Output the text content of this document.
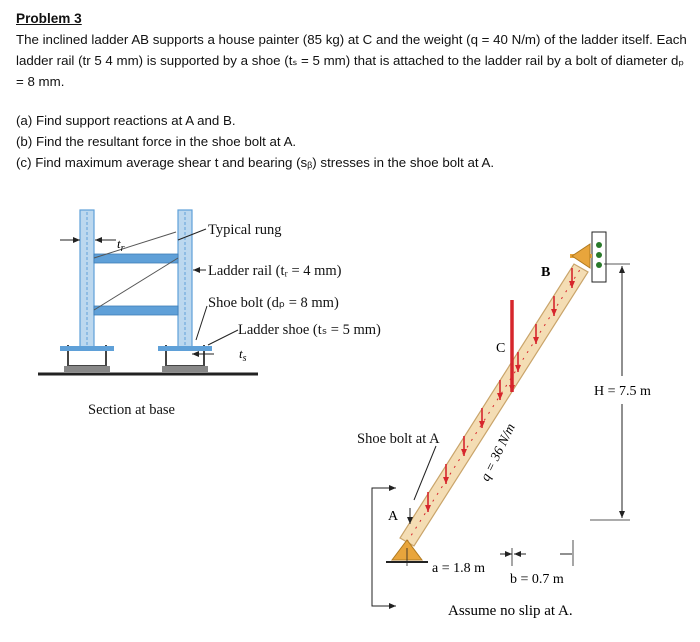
Problem 3

The inclined ladder AB supports a house painter (85 kg) at C and the weight (q = 40 N/m) of the ladder itself. Each ladder rail (tr 5 4 mm) is supported by a shoe (tₛ = 5 mm) that is attached to the ladder rail by a bolt of diameter dₚ = 8 mm.

(a) Find support reactions at A and B.

(b) Find the resultant force in the shoe bolt at A.

(c) Find maximum average shear t and bearing (sᵦ) stresses in the shoe bolt at A.

$t_r$
$t_s$
Typical rung
Ladder rail (tᵣ = 4 mm)
Shoe bolt (dₚ = 8 mm)
Ladder shoe (tₛ = 5 mm)
Section at base
B
C
A
Shoe bolt at A	q = 36 N/m
a = 1.8 m
b = 0.7 m
H = 7.5 m
Assume no slip at A.
